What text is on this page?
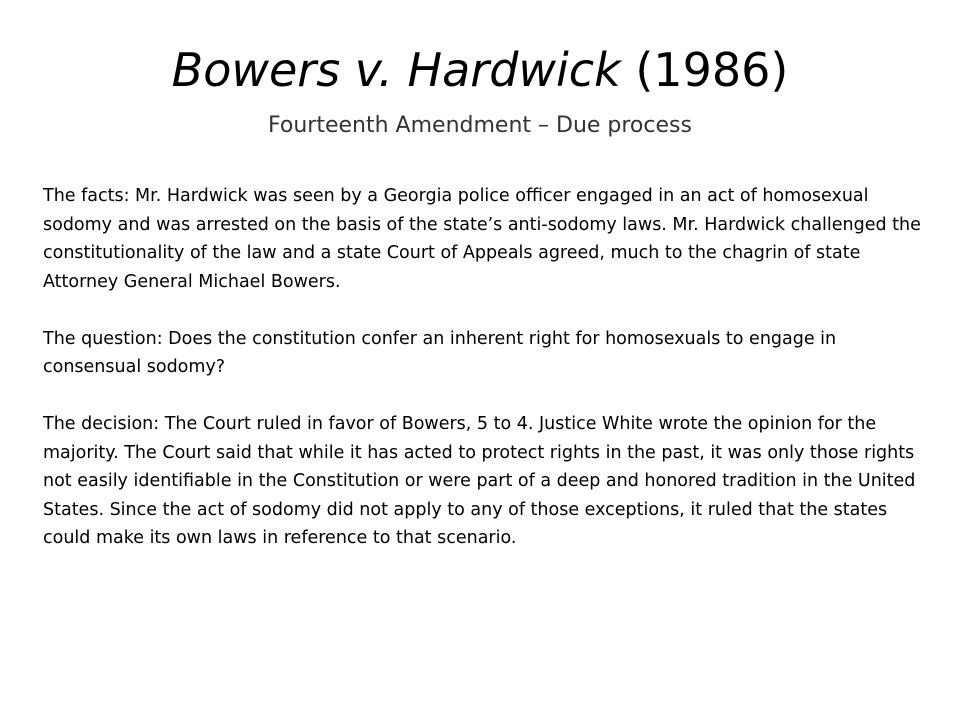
Bowers v. Hardwick (1986)
Fourteenth Amendment – Due process

The facts: Mr. Hardwick was seen by a Georgia police officer engaged in an act of homosexual sodomy and was arrested on the basis of the state’s anti-sodomy laws. Mr. Hardwick challenged the constitutionality of the law and a state Court of Appeals agreed, much to the chagrin of state Attorney General Michael Bowers.

The question: Does the constitution confer an inherent right for homosexuals to engage in consensual sodomy?

The decision: The Court ruled in favor of Bowers, 5 to 4. Justice White wrote the opinion for the majority. The Court said that while it has acted to protect rights in the past, it was only those rights not easily identifiable in the Constitution or were part of a deep and honored tradition in the United States. Since the act of sodomy did not apply to any of those exceptions, it ruled that the states could make its own laws in reference to that scenario.
